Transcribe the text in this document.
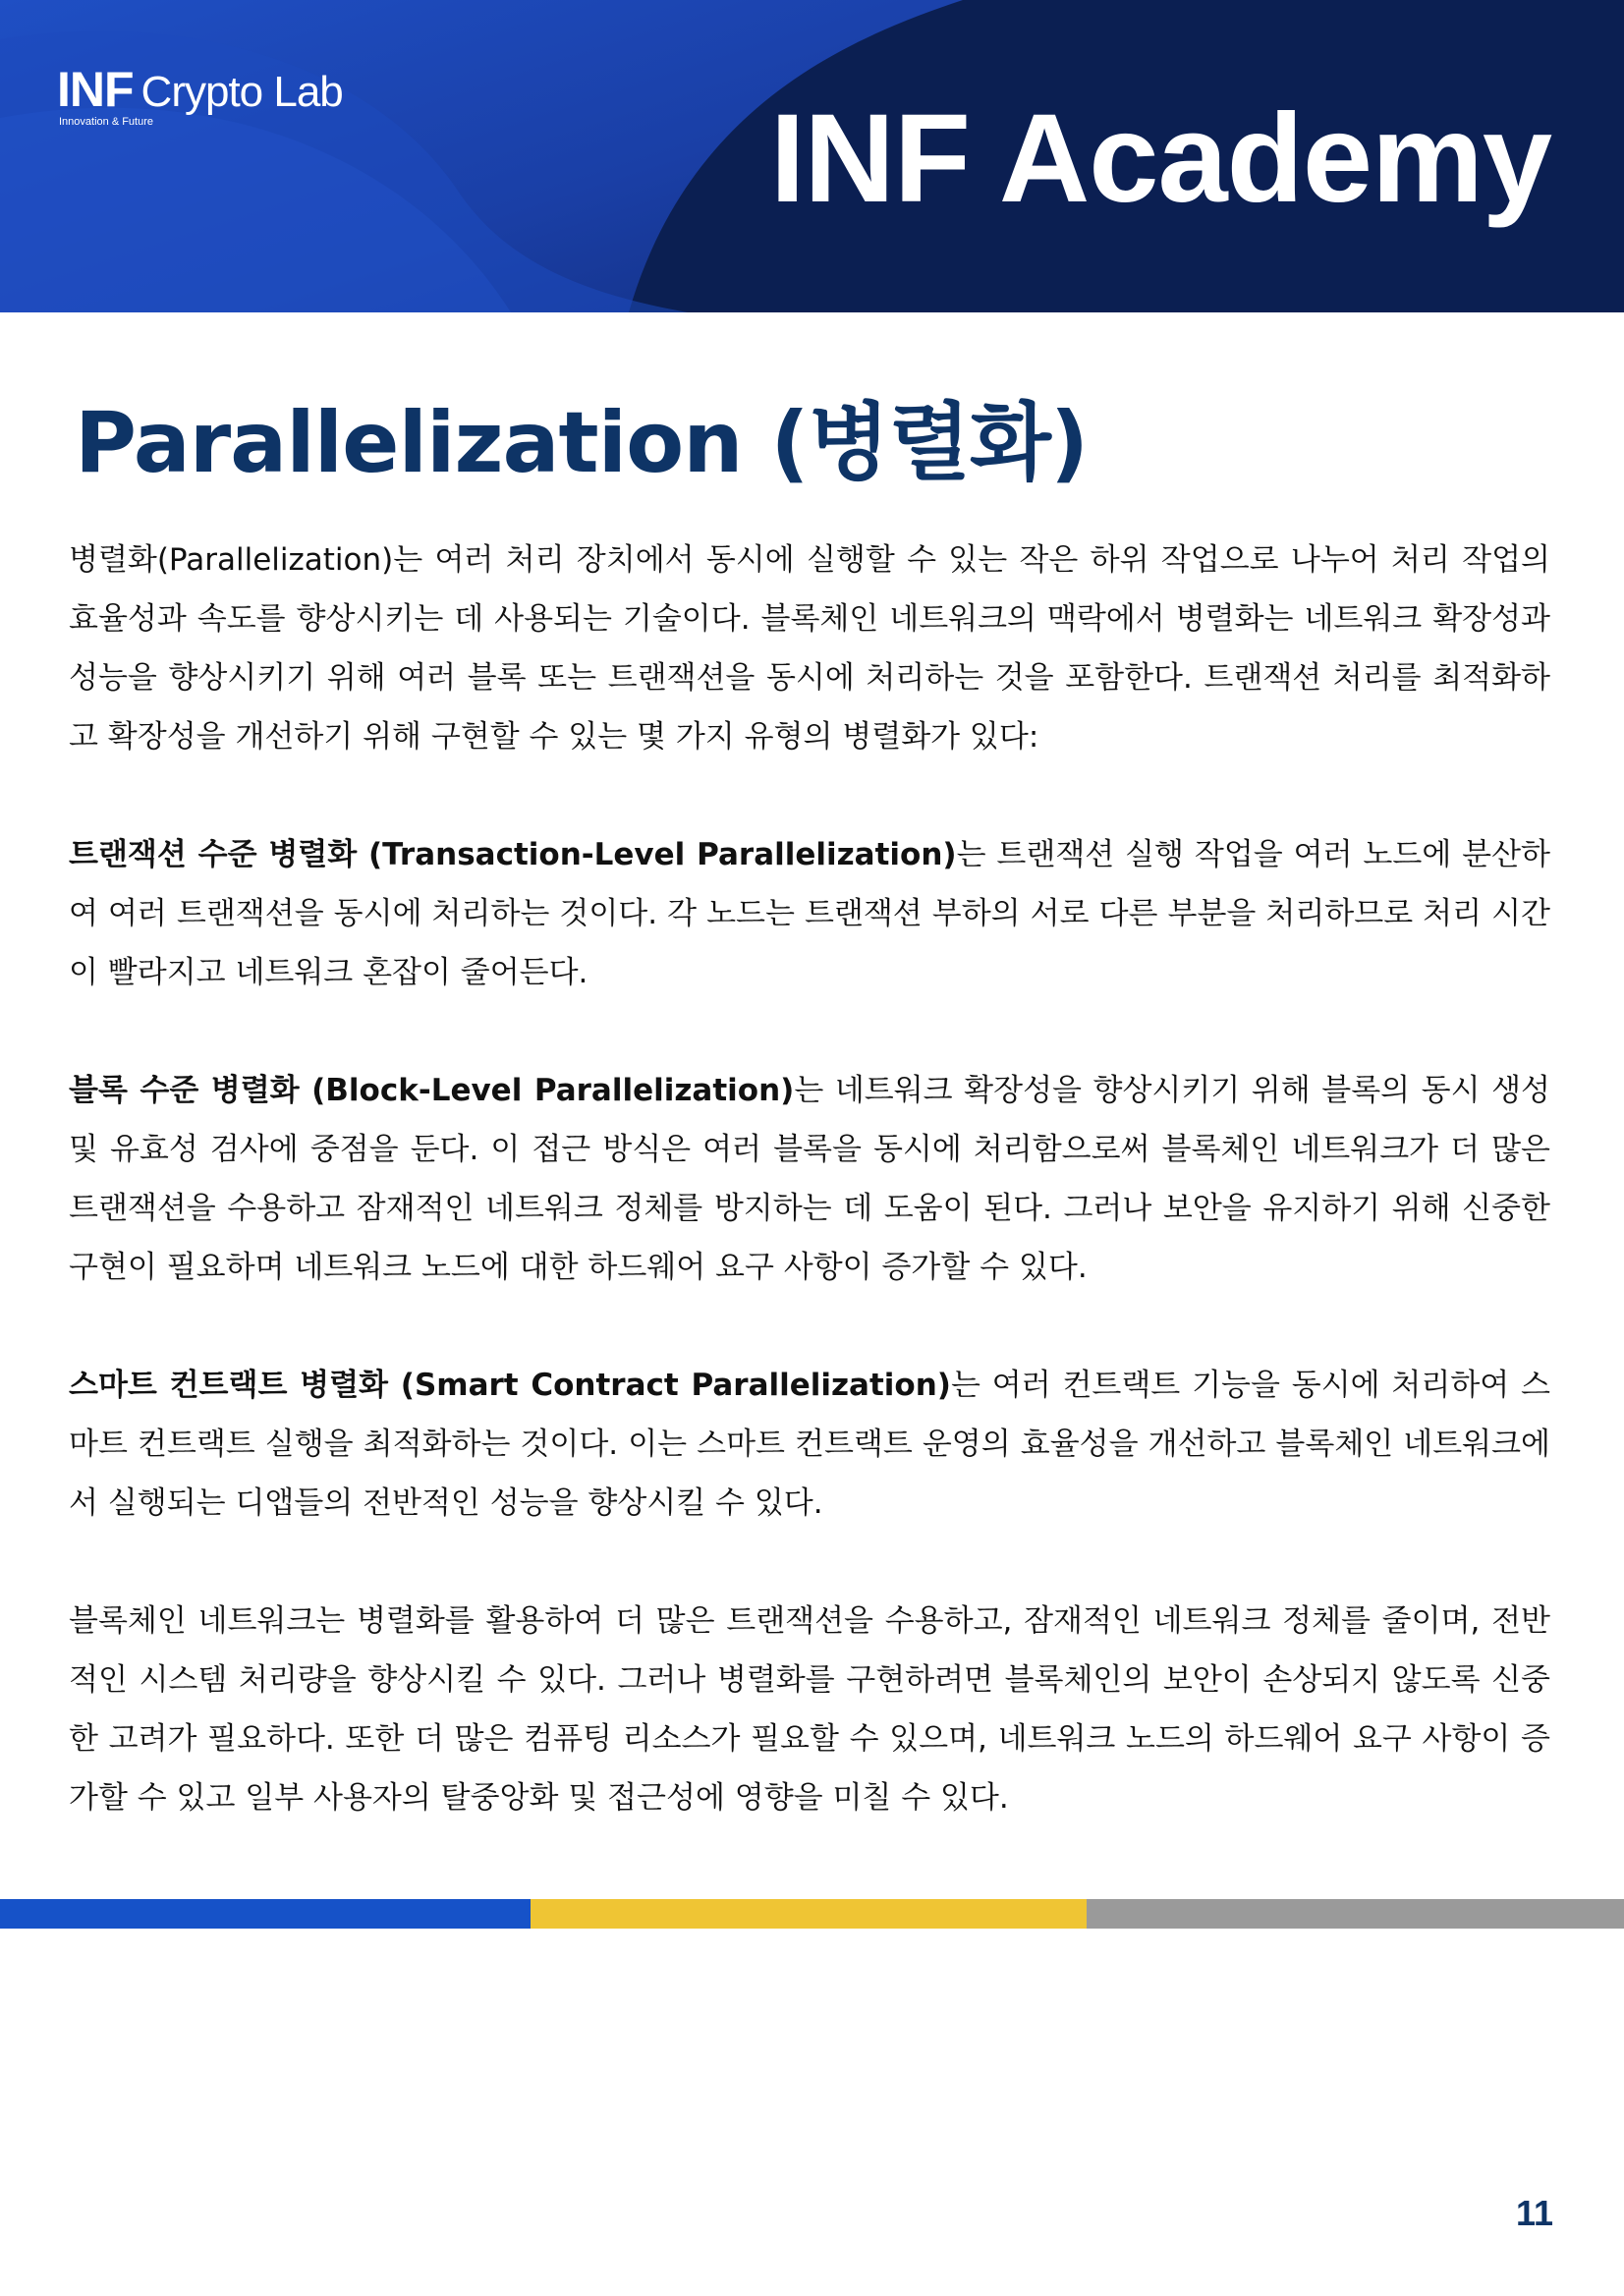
INF Crypto Lab
Innovation & Future	INF Academy
Parallelization (병렬화)

병렬화(Parallelization)는 여러 처리 장치에서 동시에 실행할 수 있는 작은 하위 작업으로 나누어 처리 작업의 효율성과 속도를 향상시키는 데 사용되는 기술이다. 블록체인 네트워크의 맥락에서 병렬화는 네트워크 확장성과 성능을 향상시키기 위해 여러 블록 또는 트랜잭션을 동시에 처리하는 것을 포함한다. 트랜잭션 처리를 최적화하고 확장성을 개선하기 위해 구현할 수 있는 몇 가지 유형의 병렬화가 있다:

트랜잭션 수준 병렬화 (Transaction-Level Parallelization)는 트랜잭션 실행 작업을 여러 노드에 분산하여 여러 트랜잭션을 동시에 처리하는 것이다. 각 노드는 트랜잭션 부하의 서로 다른 부분을 처리하므로 처리 시간이 빨라지고 네트워크 혼잡이 줄어든다.

블록 수준 병렬화 (Block-Level Parallelization)는 네트워크 확장성을 향상시키기 위해 블록의 동시 생성 및 유효성 검사에 중점을 둔다. 이 접근 방식은 여러 블록을 동시에 처리함으로써 블록체인 네트워크가 더 많은 트랜잭션을 수용하고 잠재적인 네트워크 정체를 방지하는 데 도움이 된다. 그러나 보안을 유지하기 위해 신중한 구현이 필요하며 네트워크 노드에 대한 하드웨어 요구 사항이 증가할 수 있다.

스마트 컨트랙트 병렬화 (Smart Contract Parallelization)는 여러 컨트랙트 기능을 동시에 처리하여 스마트 컨트랙트 실행을 최적화하는 것이다. 이는 스마트 컨트랙트 운영의 효율성을 개선하고 블록체인 네트워크에서 실행되는 디앱들의 전반적인 성능을 향상시킬 수 있다.

블록체인 네트워크는 병렬화를 활용하여 더 많은 트랜잭션을 수용하고, 잠재적인 네트워크 정체를 줄이며, 전반적인 시스템 처리량을 향상시킬 수 있다. 그러나 병렬화를 구현하려면 블록체인의 보안이 손상되지 않도록 신중한 고려가 필요하다. 또한 더 많은 컴퓨팅 리소스가 필요할 수 있으며, 네트워크 노드의 하드웨어 요구 사항이 증가할 수 있고 일부 사용자의 탈중앙화 및 접근성에 영향을 미칠 수 있다.

11
